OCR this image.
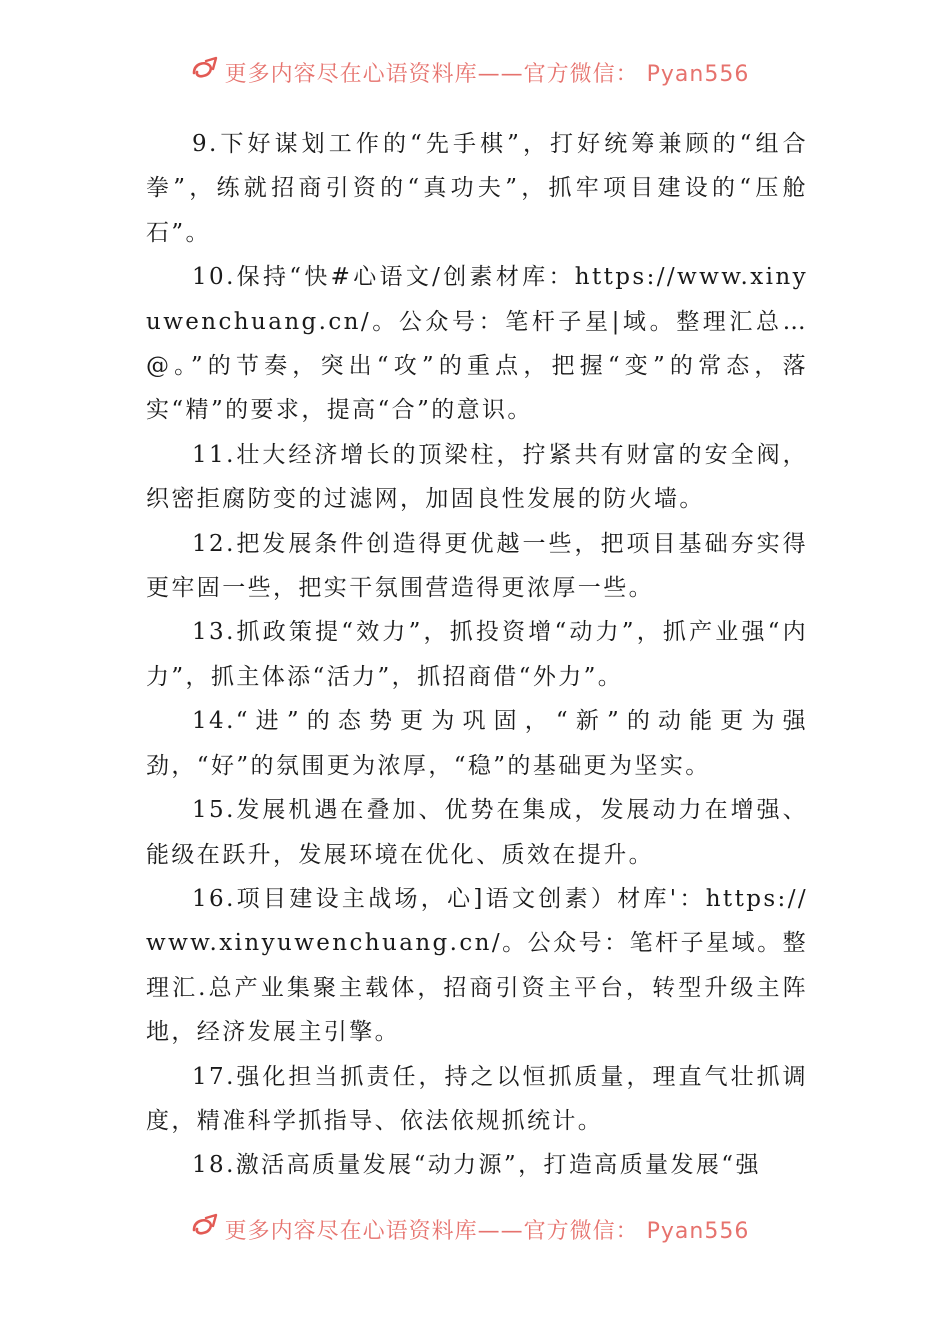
更多内容尽在心语资料库——官方微信： Pyan556

9.下好谋划工作的“先手棋”，打好统筹兼顾的“组合拳”，练就招商引资的“真功夫”，抓牢项目建设的“压舱石”。

10.保持“快#心语文/创素材库：https://www.xinyuwenchuang.cn/。公众号：笔杆子星|域。整理汇总…@。”的节奏，突出“攻”的重点，把握“变”的常态，落实“精”的要求，提高“合”的意识。

11.壮大经济增长的顶梁柱，拧紧共有财富的安全阀，织密拒腐防变的过滤网，加固良性发展的防火墙。

12.把发展条件创造得更优越一些，把项目基础夯实得更牢固一些，把实干氛围营造得更浓厚一些。

13.抓政策提“效力”，抓投资增“动力”，抓产业强“内力”，抓主体添“活力”，抓招商借“外力”。

14.“进”的态势更为巩固，“新”的动能更为强劲，“好”的氛围更为浓厚，“稳”的基础更为坚实。

15.发展机遇在叠加、优势在集成，发展动力在增强、能级在跃升，发展环境在优化、质效在提升。

16.项目建设主战场，心]语文创素）材库'：https://www.xinyuwenchuang.cn/。公众号：笔杆子星域。整理汇.总产业集聚主载体，招商引资主平台，转型升级主阵地，经济发展主引擎。

17.强化担当抓责任，持之以恒抓质量，理直气壮抓调度，精准科学抓指导、依法依规抓统计。

18.激活高质量发展“动力源”，打造高质量发展“强

更多内容尽在心语资料库——官方微信： Pyan556
